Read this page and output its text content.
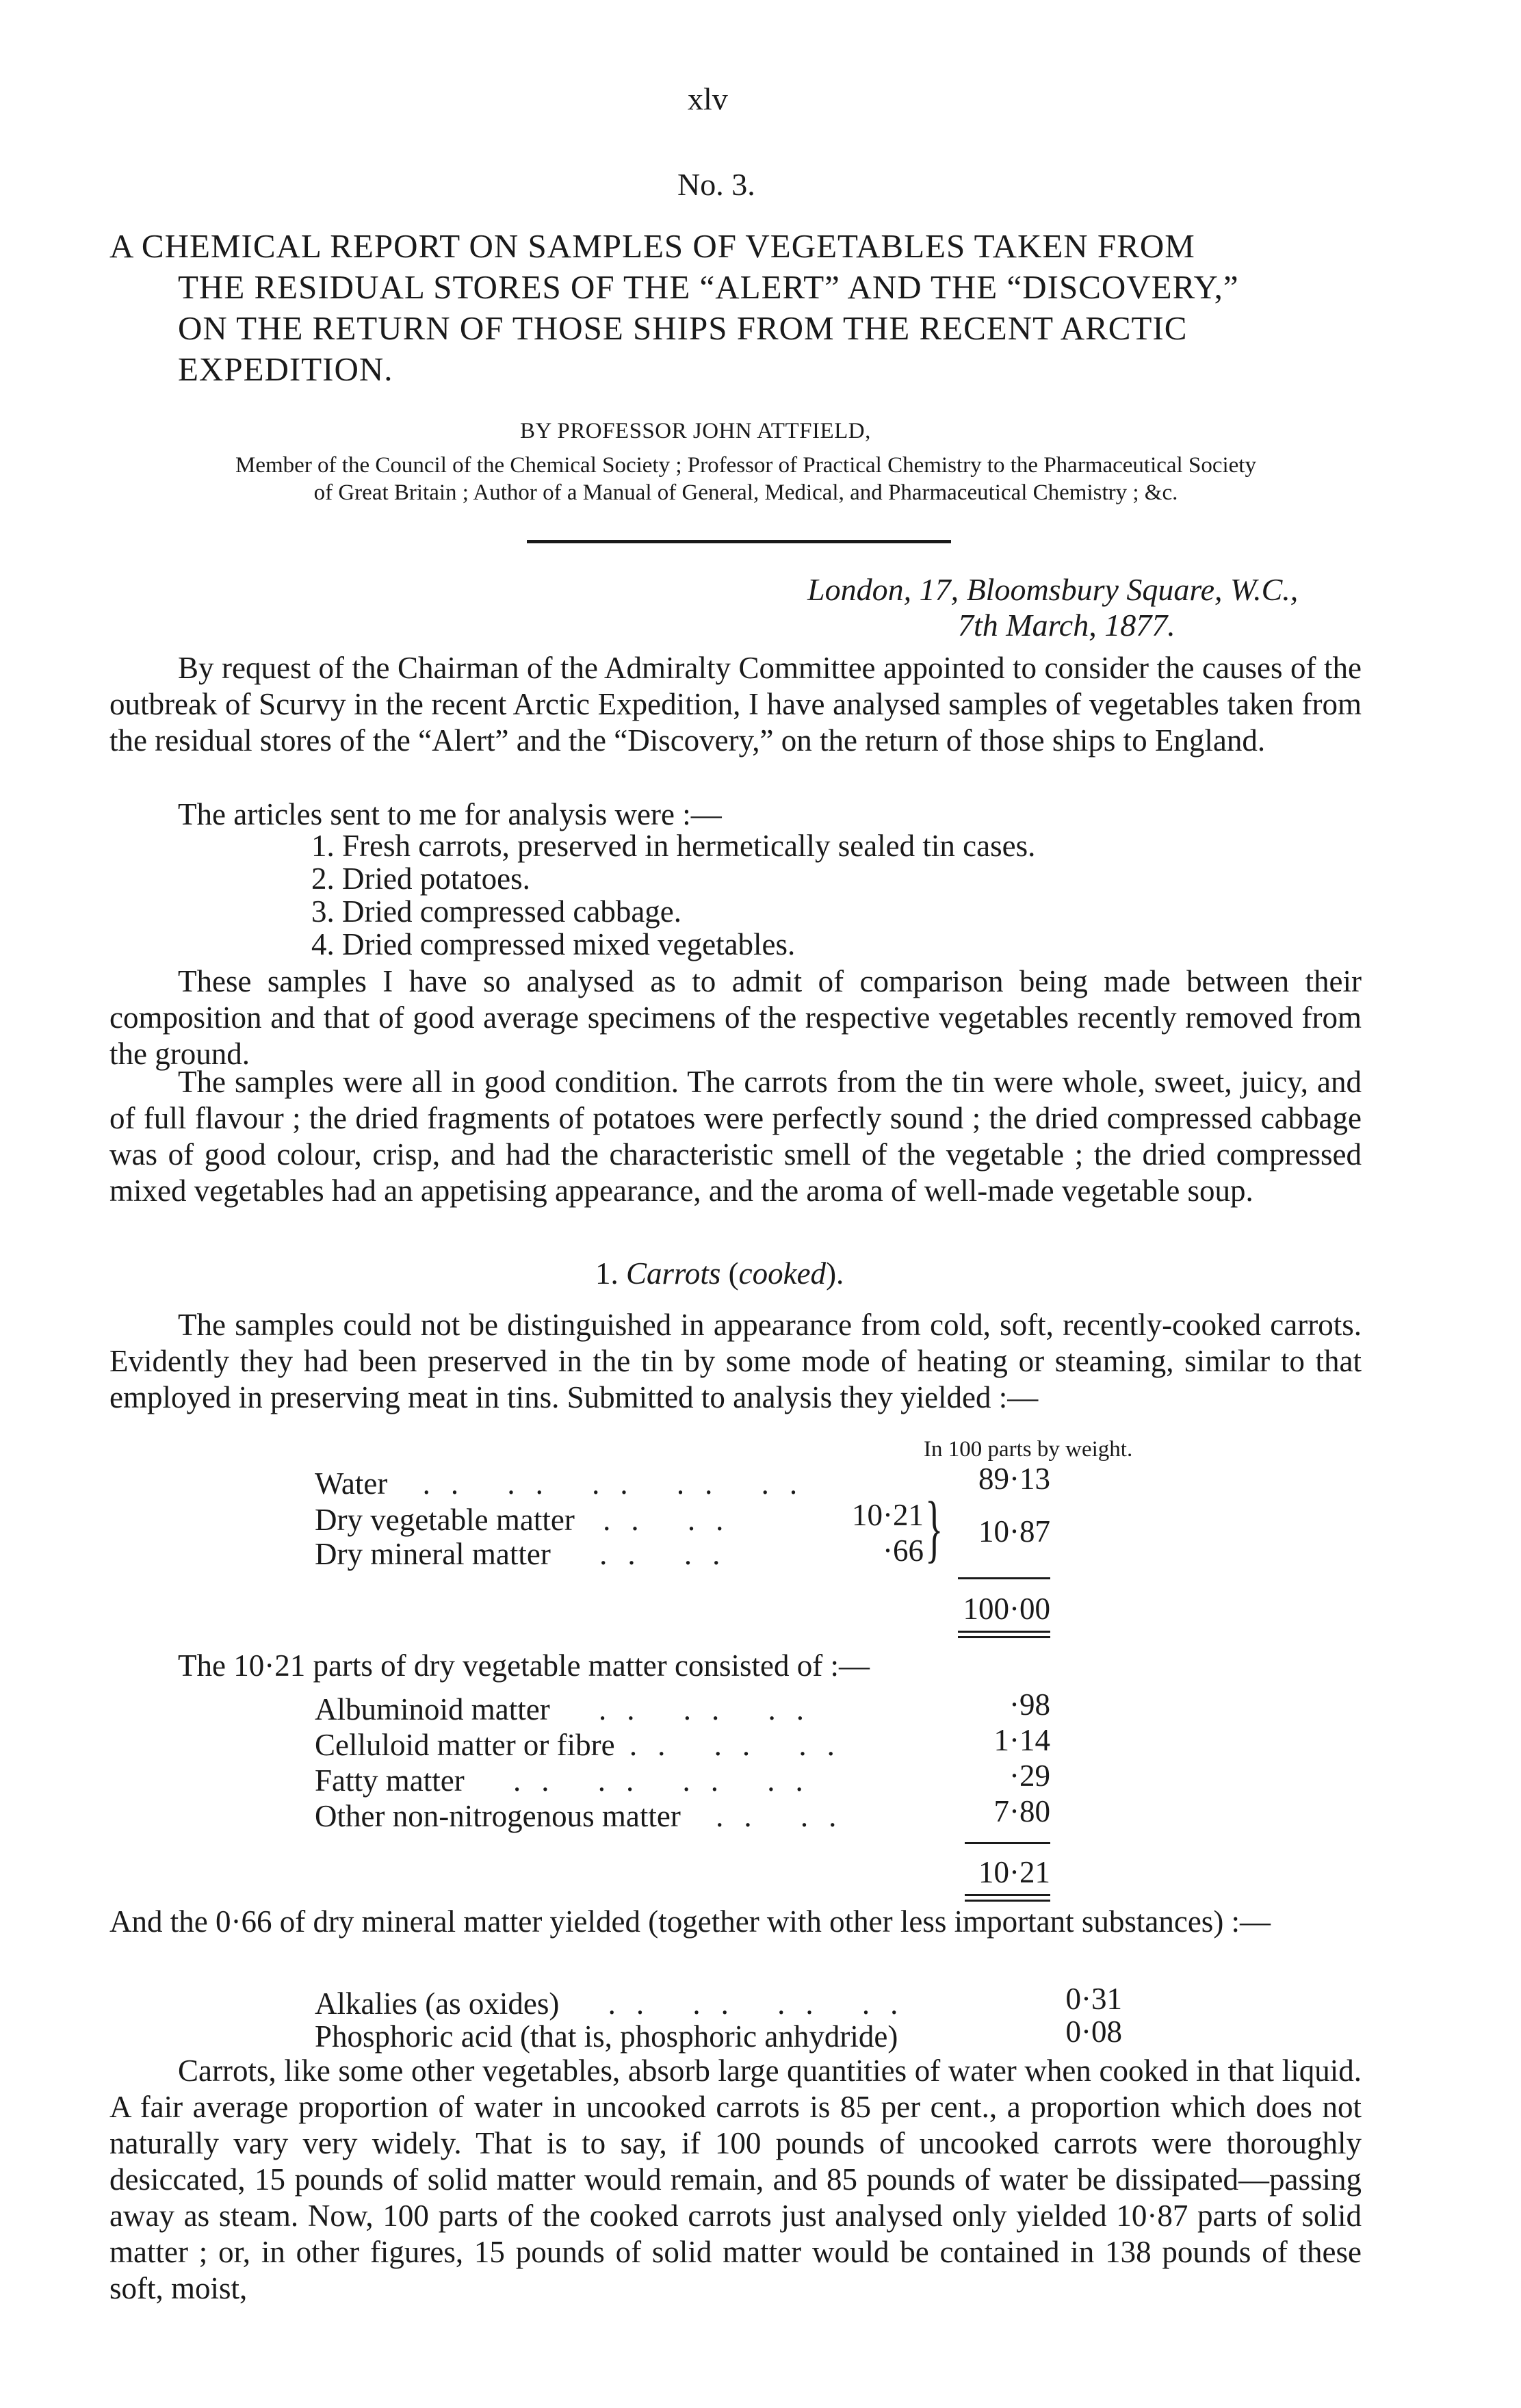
xlv
No. 3.
A CHEMICAL REPORT ON SAMPLES OF VEGETABLES TAKEN FROM
THE RESIDUAL STORES OF THE “ALERT” AND THE “DISCOVERY,”
ON THE RETURN OF THOSE SHIPS FROM THE RECENT ARCTIC
EXPEDITION.
BY PROFESSOR JOHN ATTFIELD,
Member of the Council of the Chemical Society ; Professor of Practical Chemistry to the Pharmaceutical Society
of Great Britain ; Author of a Manual of General, Medical, and Pharmaceutical Chemistry ; &c.
London, 17, Bloomsbury Square, W.C.,
7th March, 1877.
By request of the Chairman of the Admiralty Committee appointed to consider the causes of the outbreak of Scurvy in the recent Arctic Expedition, I have analysed samples of vegetables taken from the residual stores of the “Alert” and the “Discovery,” on the return of those ships to England.
The articles sent to me for analysis were :—
1. Fresh carrots, preserved in hermetically sealed tin cases.
2. Dried potatoes.
3. Dried compressed cabbage.
4. Dried compressed mixed vegetables.
These samples I have so analysed as to admit of comparison being made between their composition and that of good average specimens of the respective vegetables recently removed from the ground.
The samples were all in good condition. The carrots from the tin were whole, sweet, juicy, and of full flavour ; the dried fragments of potatoes were perfectly sound ; the dried compressed cabbage was of good colour, crisp, and had the characteristic smell of the vegetable ; the dried compressed mixed vegetables had an appetising appearance, and the aroma of well-made vegetable soup.
1. Carrots (cooked).
The samples could not be distinguished in appearance from cold, soft, recently-cooked carrots. Evidently they had been preserved in the tin by some mode of heating or steaming, similar to that employed in preserving meat in tins. Submitted to analysis they yielded :—
In 100 parts by weight.
Water .. .. .. .. ..	89·13
Dry vegetable matter .. ..	10·21
Dry mineral matter .. ..	·66 }	10·87
100·00
The 10·21 parts of dry vegetable matter consisted of :—
Albuminoid matter .. .. ..	·98
Celluloid matter or fibre .. .. ..	1·14
Fatty matter .. .. .. ..	·29
Other non-nitrogenous matter .. ..	7·80
10·21
And the 0·66 of dry mineral matter yielded (together with other less important substances) :—
Alkalies (as oxides) .. .. .. ..	0·31
Phosphoric acid (that is, phosphoric anhydride)	0·08
Carrots, like some other vegetables, absorb large quantities of water when cooked in that liquid. A fair average proportion of water in uncooked carrots is 85 per cent., a proportion which does not naturally vary very widely. That is to say, if 100 pounds of uncooked carrots were thoroughly desiccated, 15 pounds of solid matter would remain, and 85 pounds of water be dissipated—passing away as steam. Now, 100 parts of the cooked carrots just analysed only yielded 10·87 parts of solid matter ; or, in other figures, 15 pounds of solid matter would be contained in 138 pounds of these soft, moist,
